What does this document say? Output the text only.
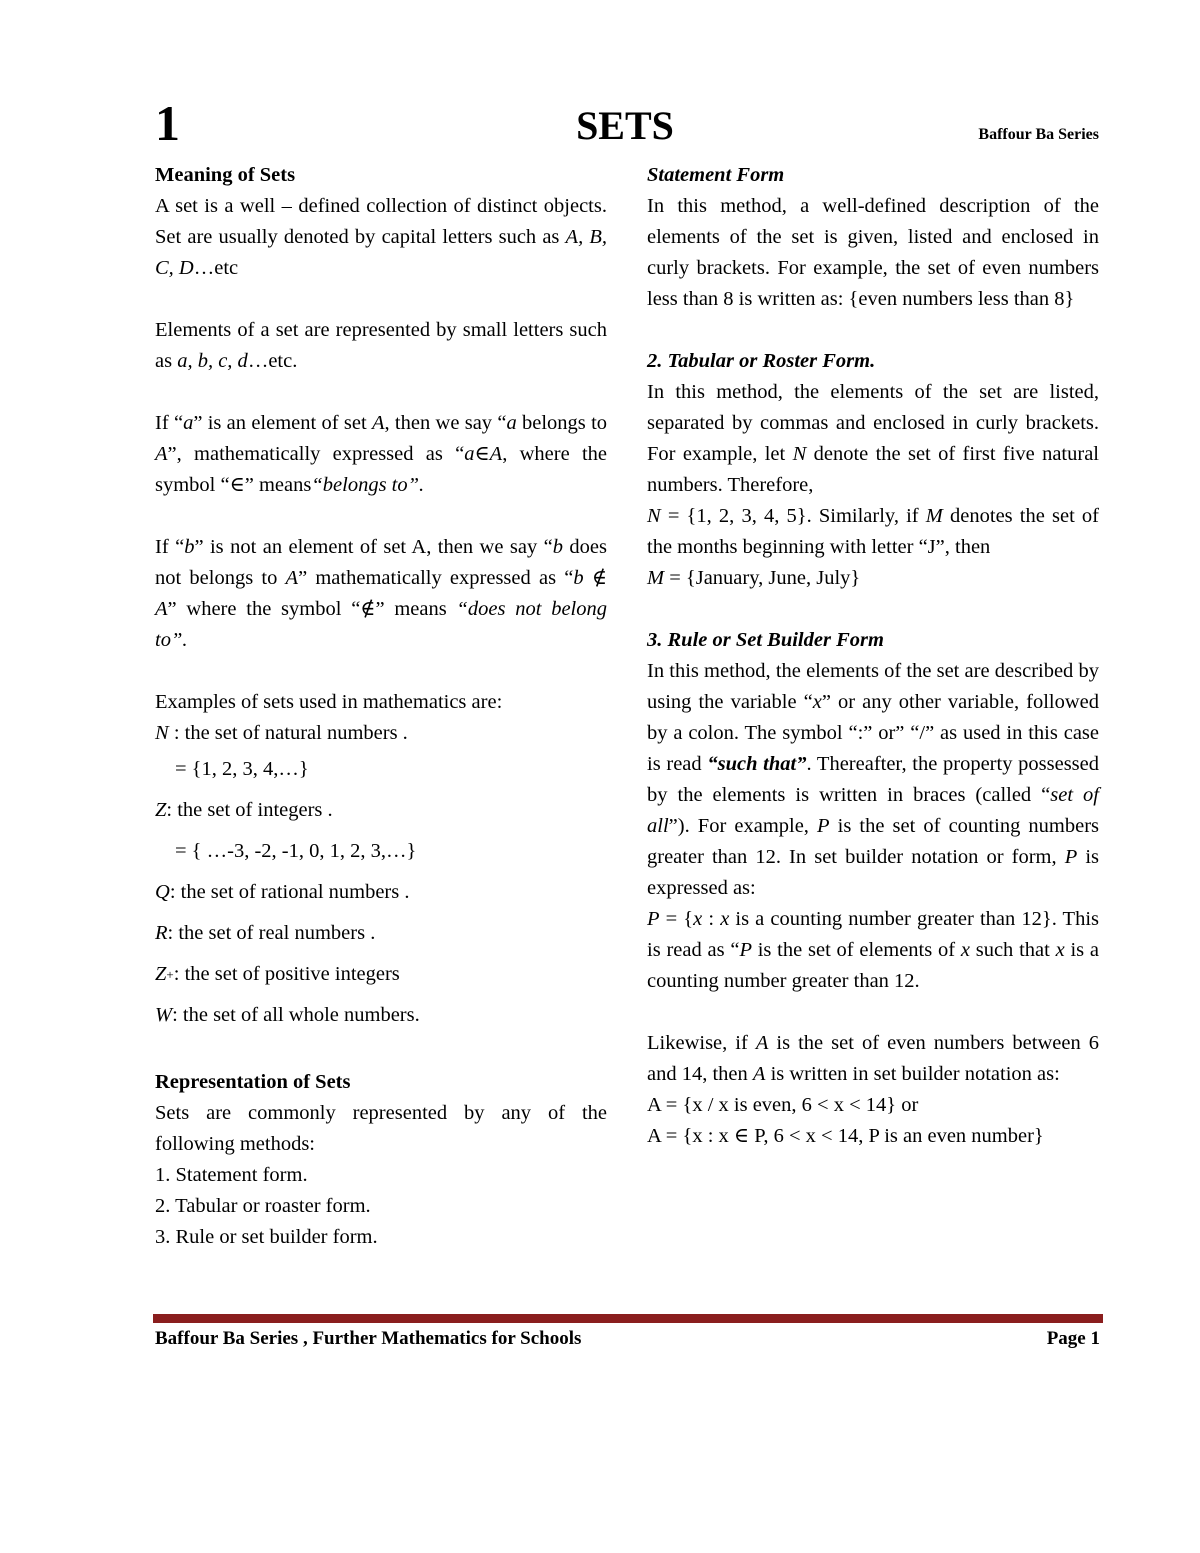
1	SETS	Baffour Ba Series

Meaning of Sets

A set is a well – defined collection of distinct objects. Set are usually denoted by capital letters such as A, B, C, D…etc

Elements of a set are represented by small letters such as a, b, c, d…etc.

If “a” is an element of set A, then we say “a belongs to A”, mathematically expressed as “a∈A, where the symbol “∈” means“belongs to”.

If “b” is not an element of set A, then we say “b does not belongs to A” mathematically expressed as “b ∉ A” where the symbol “∉” means “does not belong to”.

Examples of sets used in mathematics are:

N : the set of natural numbers .

= {1, 2, 3, 4,…}
Z : the set of integers .
= { …-3, -2, -1, 0, 1, 2, 3,…}
Q : the set of rational numbers .
R : the set of real numbers .
Z + : the set of positive integers
W : the set of all whole numbers.

Representation of Sets

Sets are commonly represented by any of the following methods:

1. Statement form.

2. Tabular or roaster form.

3. Rule or set builder form.

Statement Form

In this method, a well-defined description of the elements of the set is given, listed and enclosed in curly brackets. For example, the set of even numbers less than 8 is written as: {even numbers less than 8}

2. Tabular or Roster Form.

In this method, the elements of the set are listed, separated by commas and enclosed in curly brackets. For example, let N denote the set of first five natural numbers. Therefore,
N = {1, 2, 3, 4, 5}. Similarly, if M denotes the set of the months beginning with letter “J”, then
M = {January, June, July}

3. Rule or Set Builder Form

In this method, the elements of the set are described by using the variable “x” or any other variable, followed by a colon. The symbol “:” or” “/” as used in this case is read “such that”. Thereafter, the property possessed by the elements is written in braces (called “set of all”). For example, P is the set of counting numbers greater than 12. In set builder notation or form, P is expressed as:
P = {x : x is a counting number greater than 12}. This is read as “P is the set of elements of x such that x is a counting number greater than 12.

Likewise, if A is the set of even numbers between 6 and 14, then A is written in set builder notation as:

A = {x / x is even, 6 < x < 14} or

A = {x : x ∈ P, 6 < x < 14, P is an even number}

Baffour Ba Series , Further Mathematics for Schools	Page 1
